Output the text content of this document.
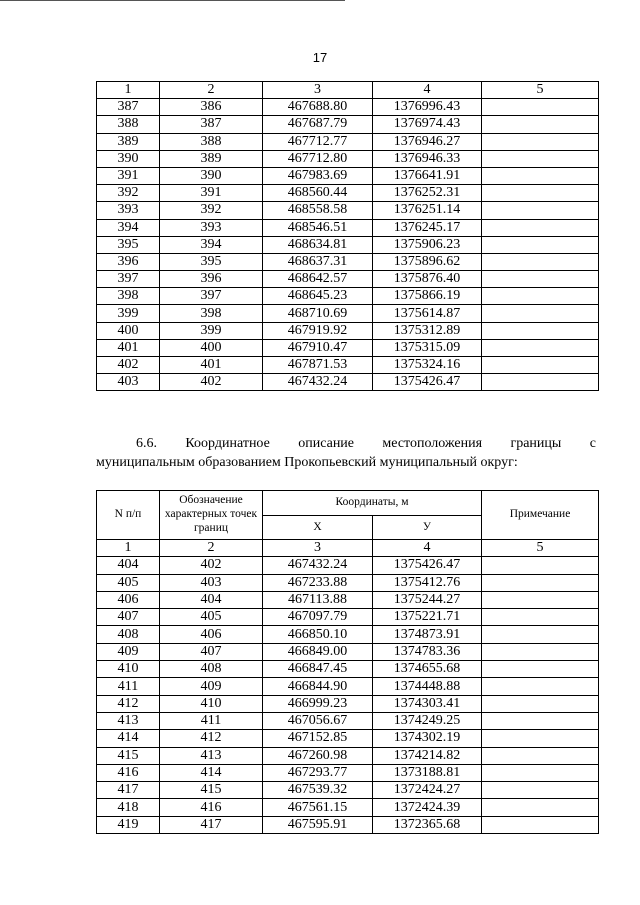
17
1	2	3	4	5
387	386	467688.80	1376996.43	
388	387	467687.79	1376974.43	
389	388	467712.77	1376946.27	
390	389	467712.80	1376946.33	
391	390	467983.69	1376641.91	
392	391	468560.44	1376252.31	
393	392	468558.58	1376251.14	
394	393	468546.51	1376245.17	
395	394	468634.81	1375906.23	
396	395	468637.31	1375896.62	
397	396	468642.57	1375876.40	
398	397	468645.23	1375866.19	
399	398	468710.69	1375614.87	
400	399	467919.92	1375312.89	
401	400	467910.47	1375315.09	
402	401	467871.53	1375324.16	
403	402	467432.24	1375426.47	
6.6. Координатное описание местоположения границы с
муниципальным образованием Прокопьевский муниципальный округ:
N п/п	Обозначение характерных точек границ	Координаты, м		Примечание
		X	У	
1	2	3	4	5
404	402	467432.24	1375426.47	
405	403	467233.88	1375412.76	
406	404	467113.88	1375244.27	
407	405	467097.79	1375221.71	
408	406	466850.10	1374873.91	
409	407	466849.00	1374783.36	
410	408	466847.45	1374655.68	
411	409	466844.90	1374448.88	
412	410	466999.23	1374303.41	
413	411	467056.67	1374249.25	
414	412	467152.85	1374302.19	
415	413	467260.98	1374214.82	
416	414	467293.77	1373188.81	
417	415	467539.32	1372424.27	
418	416	467561.15	1372424.39	
419	417	467595.91	1372365.68	
